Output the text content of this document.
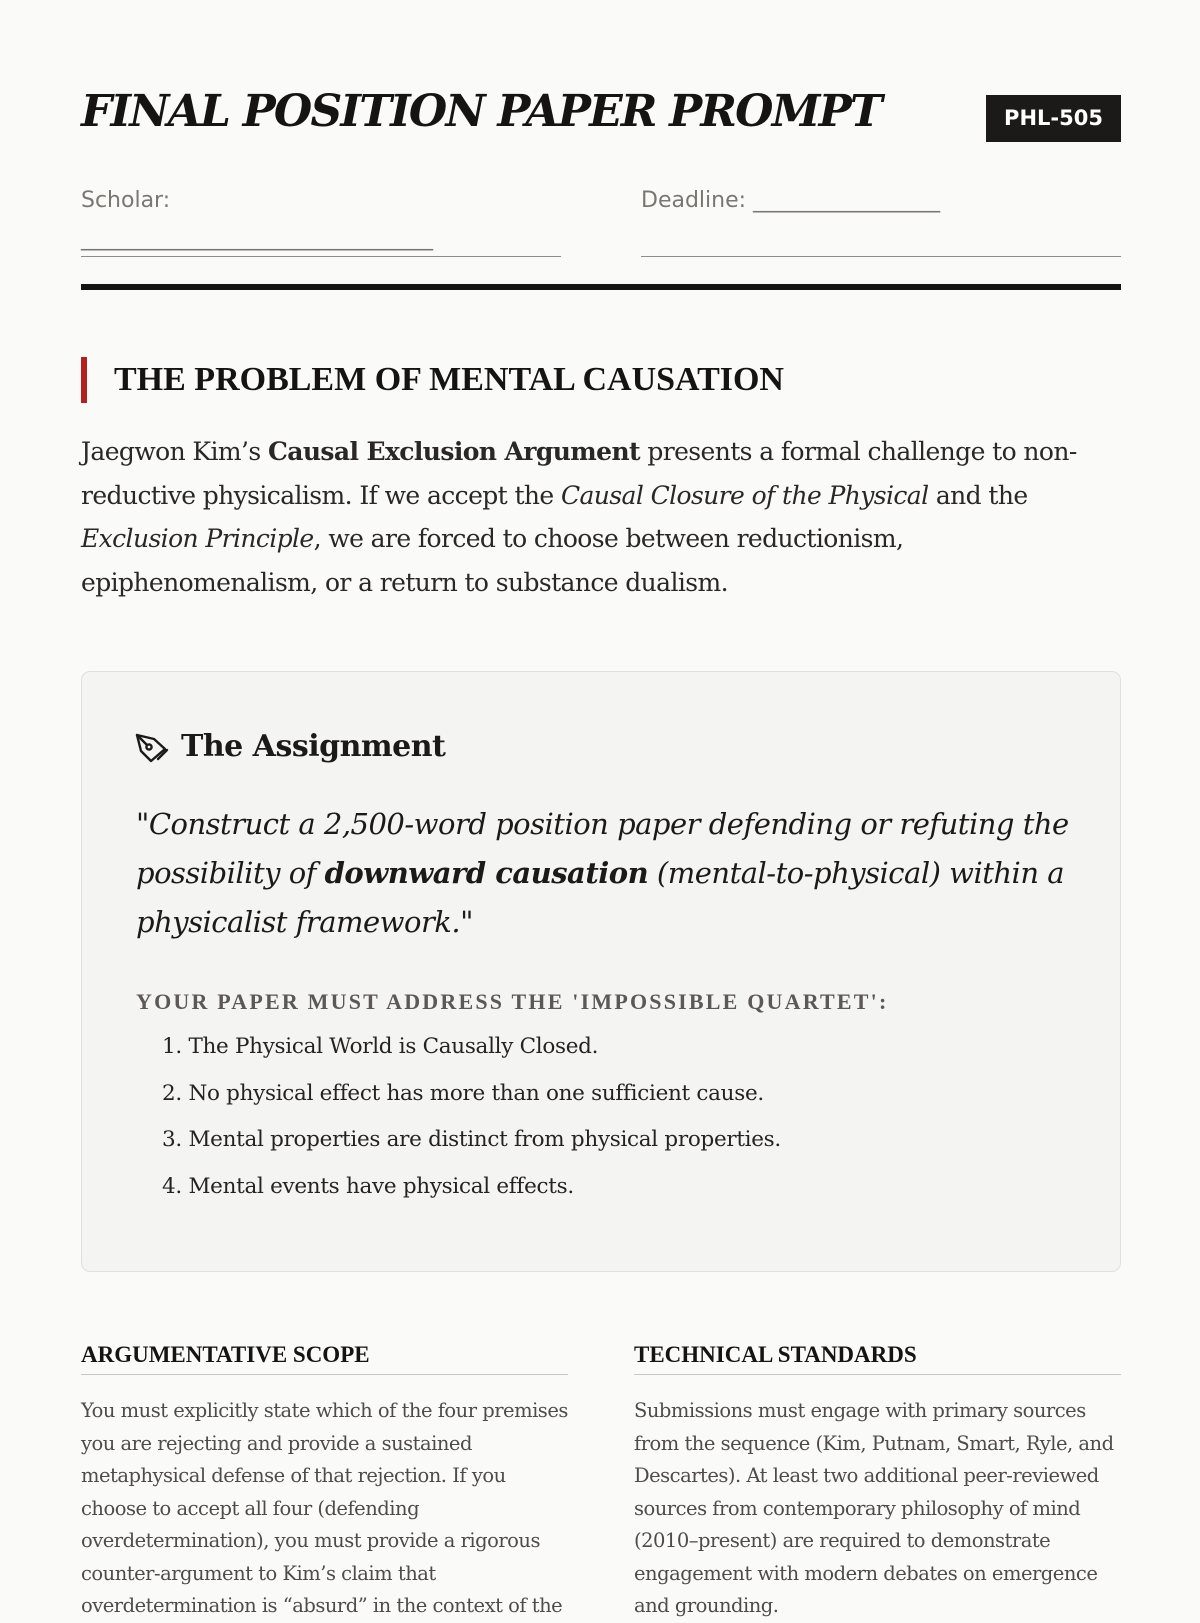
FINAL POSITION PAPER PROMPT	PHL-505
Scholar:
________________________________
Deadline: _________________
THE PROBLEM OF MENTAL CAUSATION

Jaegwon Kim’s Causal Exclusion Argument presents a formal challenge to non-reductive physicalism. If we accept the Causal Closure of the Physical and the Exclusion Principle, we are forced to choose between reductionism, epiphenomenalism, or a return to substance dualism.

The Assignment

"Construct a 2,500-word position paper defending or refuting the possibility of downward causation (mental-to-physical) within a physicalist framework."

YOUR PAPER MUST ADDRESS THE 'IMPOSSIBLE QUARTET':

1. The Physical World is Causally Closed.
2. No physical effect has more than one sufficient cause.
3. Mental properties are distinct from physical properties.
4. Mental events have physical effects.
ARGUMENTATIVE SCOPE

You must explicitly state which of the four premises you are rejecting and provide a sustained metaphysical defense of that rejection. If you choose to accept all four (defending overdetermination), you must provide a rigorous counter-argument to Kim’s claim that overdetermination is “absurd” in the context of the

TECHNICAL STANDARDS

Submissions must engage with primary sources from the sequence (Kim, Putnam, Smart, Ryle, and Descartes). At least two additional peer-reviewed sources from contemporary philosophy of mind (2010–present) are required to demonstrate engagement with modern debates on emergence and grounding.
